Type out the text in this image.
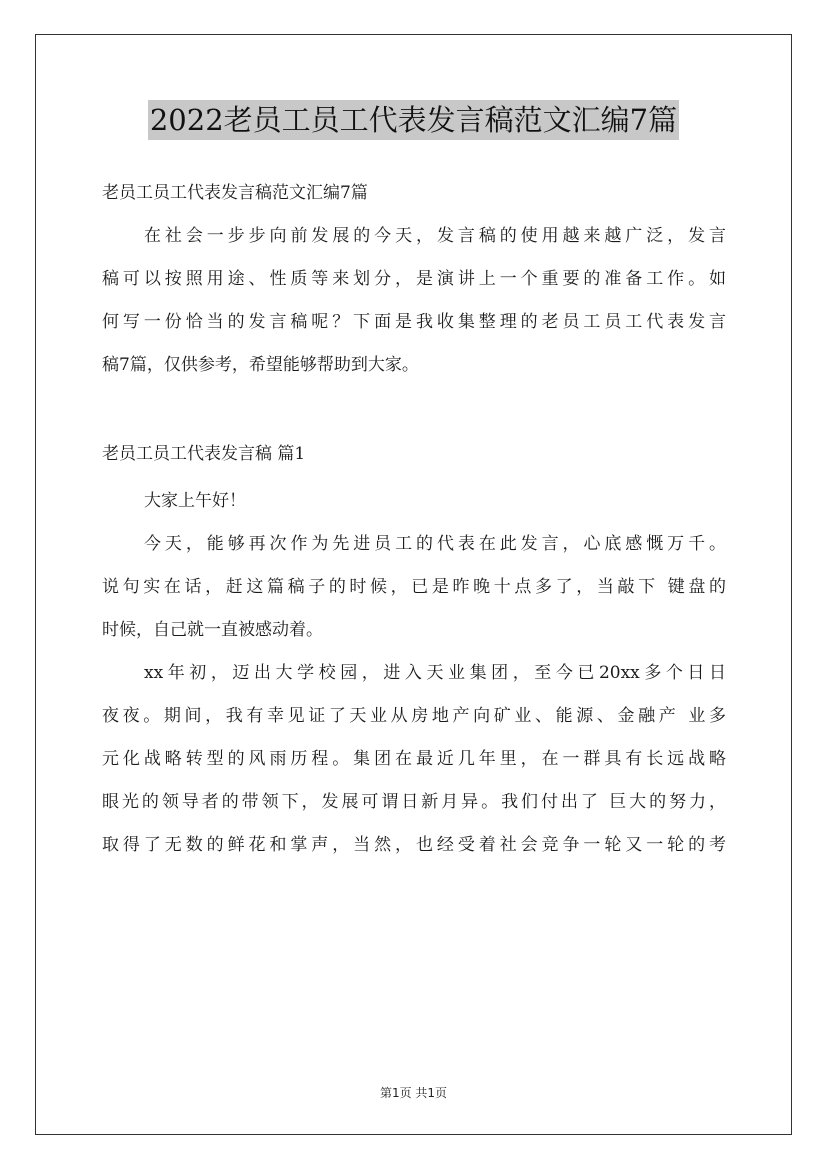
2022老员工员工代表发言稿范文汇编7篇
老员工员工代表发言稿范文汇编7篇
在社会一步步向前发展的今天，发言稿的使用越来越广泛，发言
稿可以按照用途、性质等来划分，是演讲上一个重要的准备工作。如
何写一份恰当的发言稿呢？下面是我收集整理的老员工员工代表发言
稿7篇，仅供参考，希望能够帮助到大家。
老员工员工代表发言稿 篇1
大家上午好！
今天，能够再次作为先进员工的代表在此发言，心底感慨万千。
说句实在话，赶这篇稿子的时候，已是昨晚十点多了，当敲下 键盘的
时候，自己就一直被感动着。
xx年初，迈出大学校园，进入天业集团，至今已20xx多个日日
夜夜。期间，我有幸见证了天业从房地产向矿业、能源、金融产 业多
元化战略转型的风雨历程。集团在最近几年里，在一群具有长远战略
眼光的领导者的带领下，发展可谓日新月异。我们付出了 巨大的努力，
取得了无数的鲜花和掌声，当然，也经受着社会竞争一轮又一轮的考
第1页 共1页
